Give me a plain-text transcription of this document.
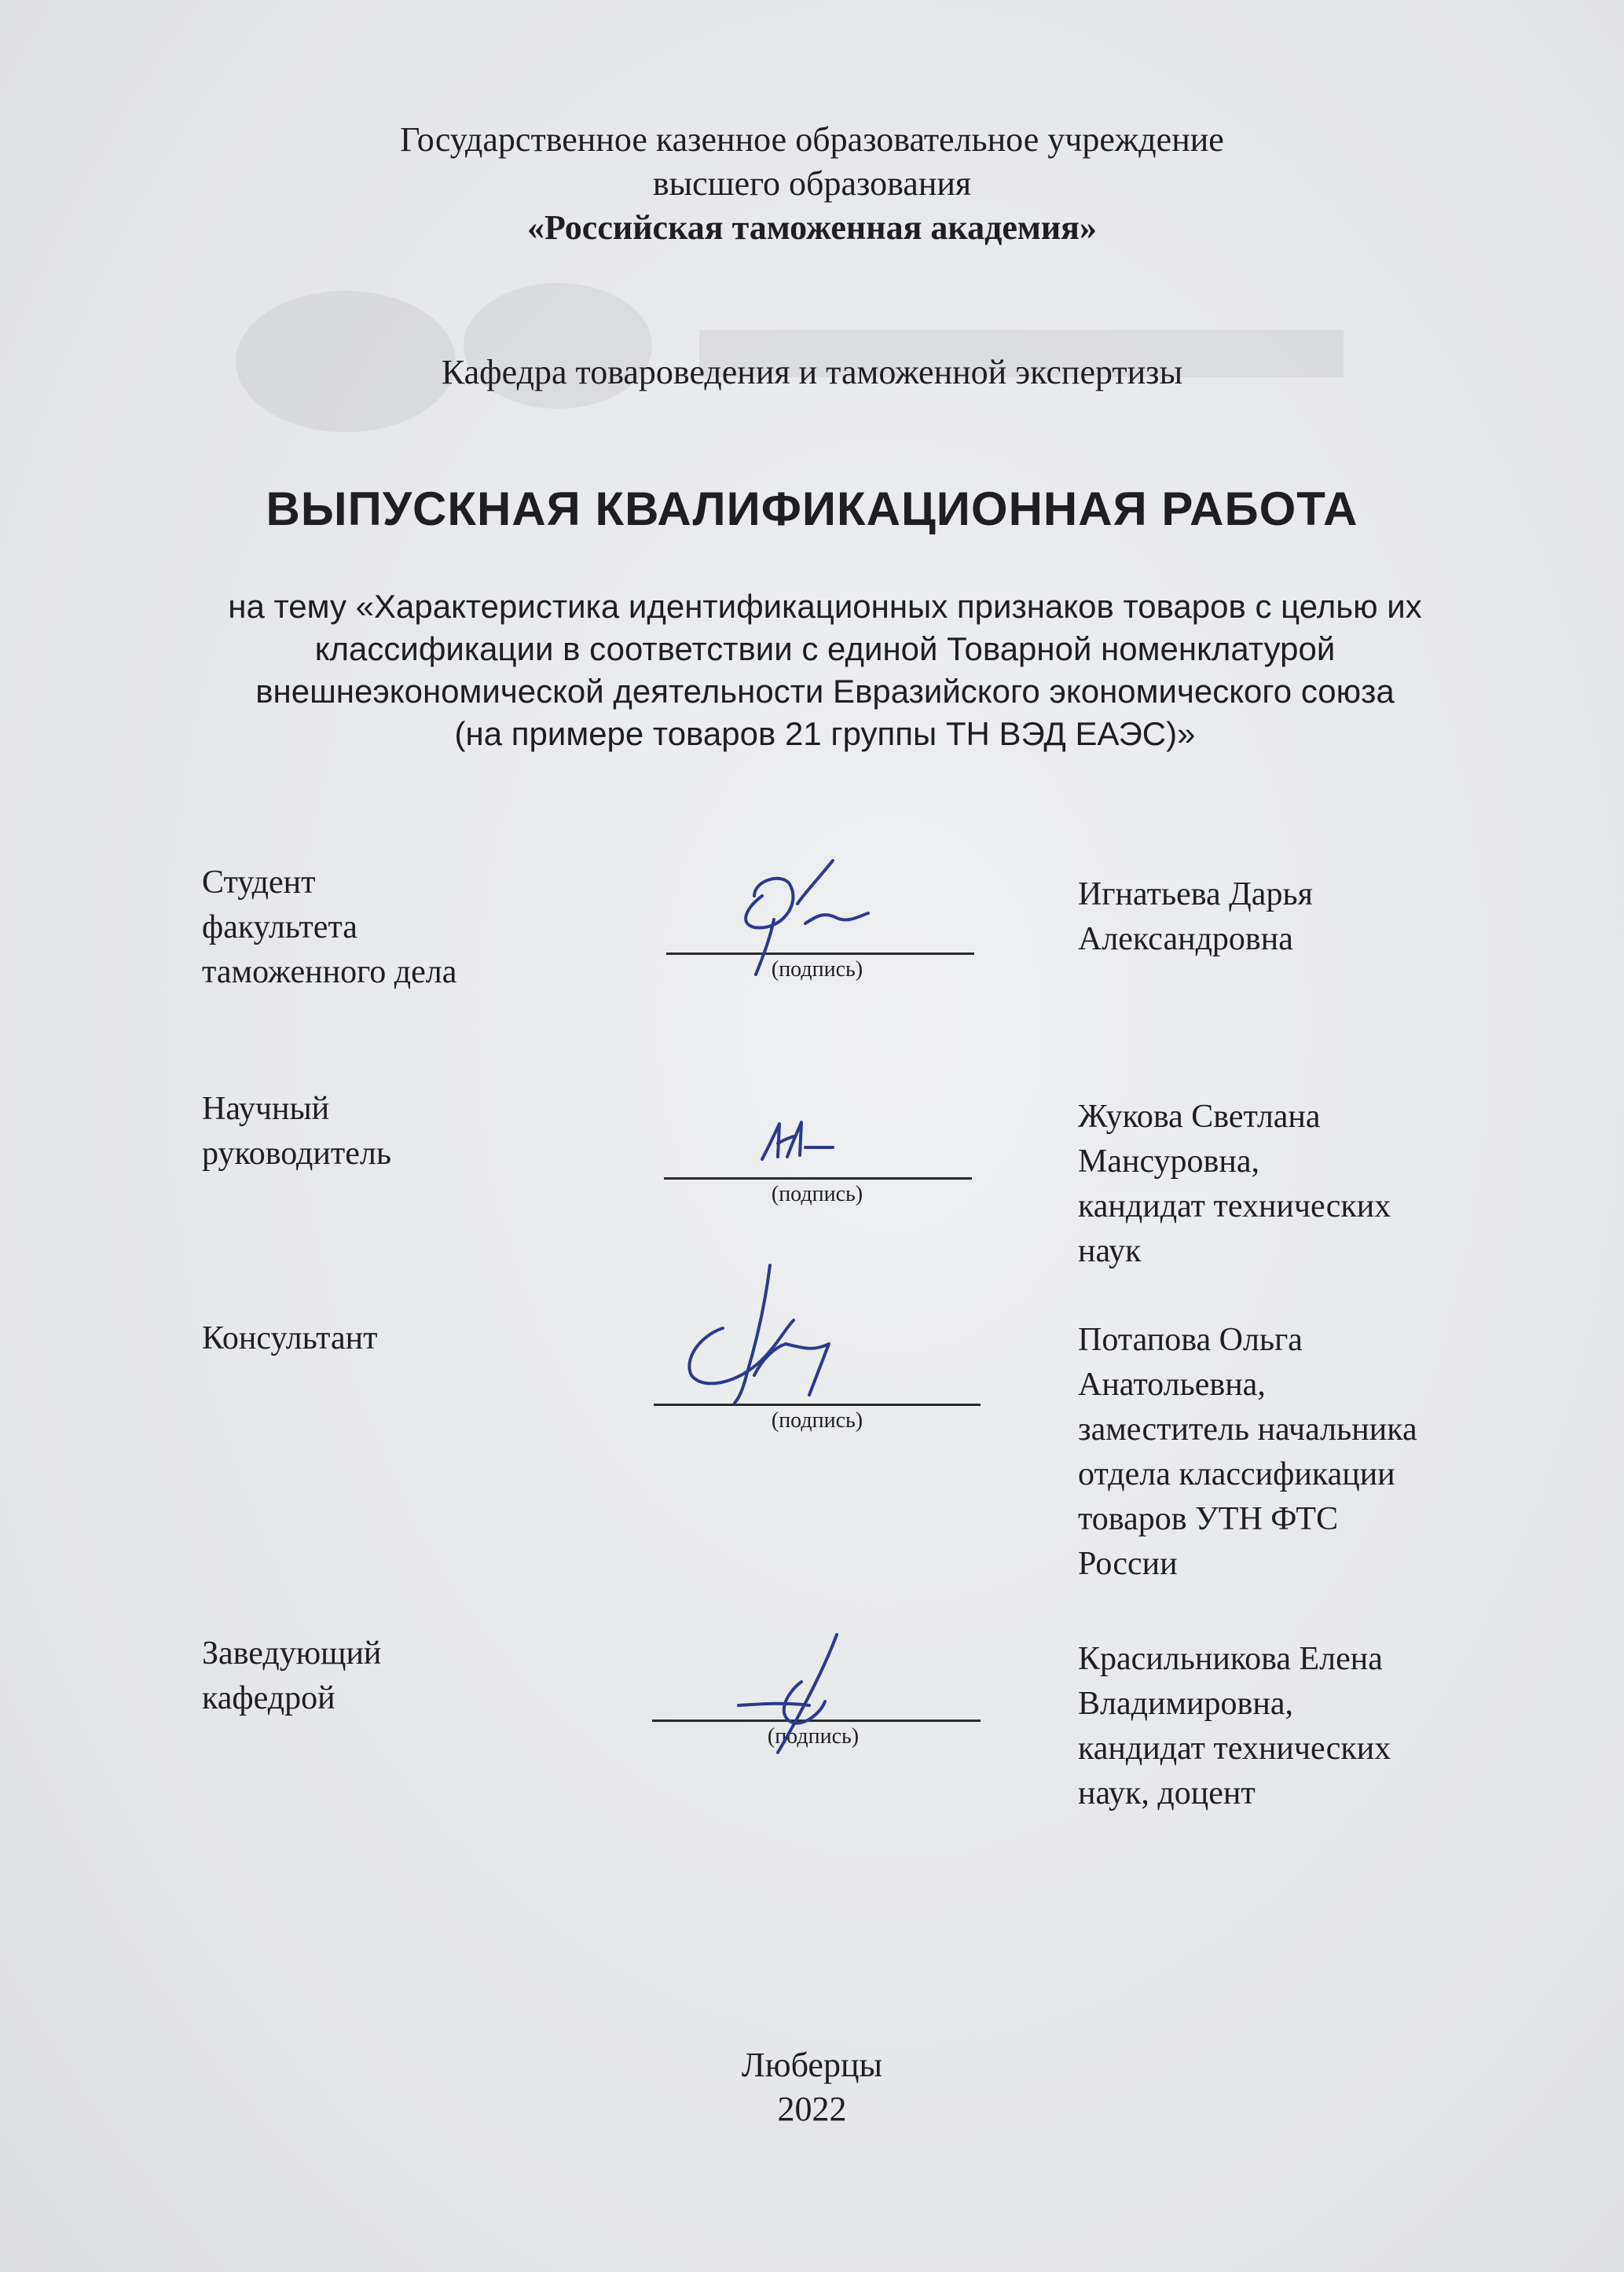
Государственное казенное образовательное учреждение
высшего образования
«Российская таможенная академия»
Кафедра товароведения и таможенной экспертизы
ВЫПУСКНАЯ КВАЛИФИКАЦИОННАЯ РАБОТА
на тему «Характеристика идентификационных признаков товаров с целью их
классификации в соответствии с единой Товарной номенклатурой
внешнеэкономической деятельности Евразийского экономического союза
(на примере товаров 21 группы ТН ВЭД ЕАЭС)»
Студент
факультета
таможенного дела	(подпись)
Игнатьева Дарья
Александровна
Научный
руководитель
(подпись)
Жукова Светлана
Мансуровна,
кандидат технических
наук
Консультант
(подпись)
Потапова Ольга
Анатольевна,
заместитель начальника
отдела классификации
товаров УТН ФТС
России
Заведующий
кафедрой
(подпись)
Красильникова Елена
Владимировна,
кандидат технических
наук, доцент
Люберцы
2022
